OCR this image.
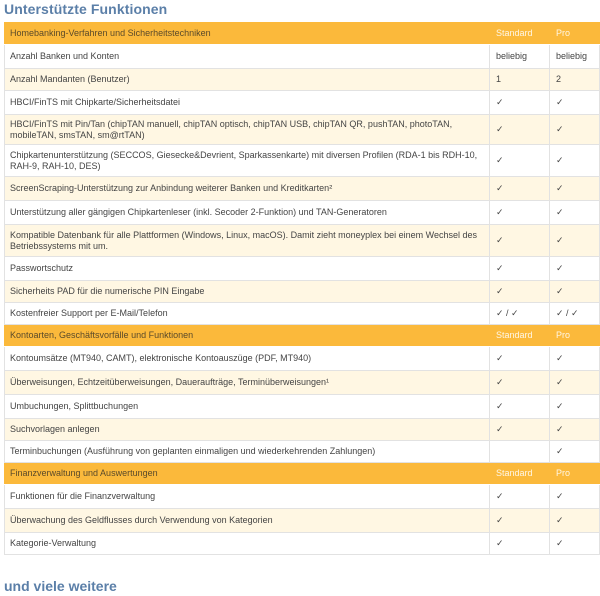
Unterstützte Funktionen
Homebanking-Verfahren und Sicherheitstechniken	Standard	Pro
Anzahl Banken und Konten	beliebig	beliebig
Anzahl Mandanten (Benutzer)	1	2
HBCI/FinTS mit Chipkarte/Sicherheitsdatei	✓	✓
HBCI/FinTS mit Pin/Tan (chipTAN manuell, chipTAN optisch, chipTAN USB, chipTAN QR, pushTAN, photoTAN, mobileTAN, smsTAN, sm@rtTAN)	✓	✓
Chipkartenunterstützung (SECCOS, Giesecke&Devrient, Sparkassenkarte) mit diversen Profilen (RDA-1 bis RDH-10, RAH-9, RAH-10, DES)	✓	✓
ScreenScraping-Unterstützung zur Anbindung weiterer Banken und Kreditkarten²	✓	✓
Unterstützung aller gängigen Chipkartenleser (inkl. Secoder 2-Funktion) und TAN-Generatoren	✓	✓
Kompatible Datenbank für alle Plattformen (Windows, Linux, macOS). Damit zieht moneyplex bei einem Wechsel des Betriebssystems mit um.	✓	✓
Passwortschutz	✓	✓
Sicherheits PAD für die numerische PIN Eingabe	✓	✓
Kostenfreier Support per E-Mail/Telefon	✓ / ✓	✓ / ✓
Kontoarten, Geschäftsvorfälle und Funktionen	Standard	Pro
Kontoumsätze (MT940, CAMT), elektronische Kontoauszüge (PDF, MT940)	✓	✓
Überweisungen, Echtzeitüberweisungen, Daueraufträge, Terminüberweisungen¹	✓	✓
Umbuchungen, Splittbuchungen	✓	✓
Suchvorlagen anlegen	✓	✓
Terminbuchungen (Ausführung von geplanten einmaligen und wiederkehrenden Zahlungen)		✓
Finanzverwaltung und Auswertungen	Standard	Pro
Funktionen für die Finanzverwaltung	✓	✓
Überwachung des Geldflusses durch Verwendung von Kategorien	✓	✓
Kategorie-Verwaltung	✓	✓
und viele weitere
